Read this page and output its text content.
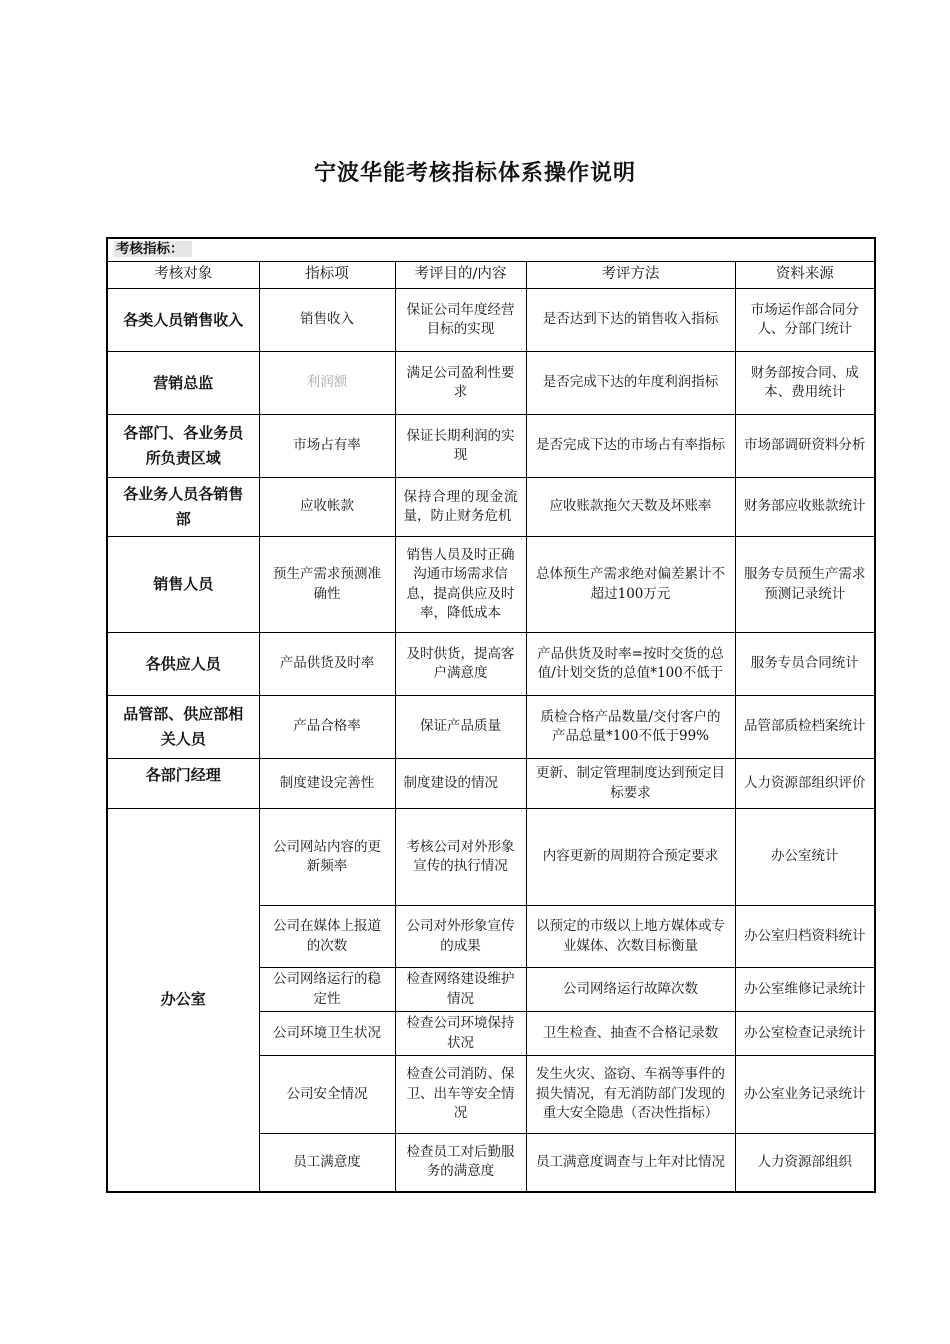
宁波华能考核指标体系操作说明
考核指标：				
考核对象	指标项	考评目的/内容	考评方法	资料来源
各类人员销售收入	销售收入	保证公司年度经营目标的实现	是否达到下达的销售收入指标	市场运作部合同分人、分部门统计
营销总监	利润额	满足公司盈利性要求	是否完成下达的年度利润指标	财务部按合同、成本、费用统计
各部门、各业务员所负责区域	市场占有率	保证长期利润的实现	是否完成下达的市场占有率指标	市场部调研资料分析
各业务人员各销售部	应收帐款	保持合理的现金流量，防止财务危机	应收账款拖欠天数及坏账率	财务部应收账款统计
销售人员	预生产需求预测准确性	销售人员及时正确沟通市场需求信息，提高供应及时率，降低成本	总体预生产需求绝对偏差累计不超过100万元	服务专员预生产需求预测记录统计
各供应人员	产品供货及时率	及时供货，提高客户满意度	产品供货及时率=按时交货的总值/计划交货的总值*100不低于	服务专员合同统计
品管部、供应部相关人员	产品合格率	保证产品质量	质检合格产品数量/交付客户的产品总量*100不低于99%	品管部质检档案统计
各部门经理	制度建设完善性	制度建设的情况	更新、制定管理制度达到预定目标要求	人力资源部组织评价
办公室	公司网站内容的更新频率	考核公司对外形象宣传的执行情况	内容更新的周期符合预定要求	办公室统计
	公司在媒体上报道的次数	公司对外形象宣传的成果	以预定的市级以上地方媒体或专业媒体、次数目标衡量	办公室归档资料统计
	公司网络运行的稳定性	检查网络建设维护情况	公司网络运行故障次数	办公室维修记录统计
	公司环境卫生状况	检查公司环境保持状况	卫生检查、抽查不合格记录数	办公室检查记录统计
	公司安全情况	检查公司消防、保卫、出车等安全情况	发生火灾、盗窃、车祸等事件的损失情况，有无消防部门发现的重大安全隐患（否决性指标）	办公室业务记录统计
	员工满意度	检查员工对后勤服务的满意度	员工满意度调查与上年对比情况	人力资源部组织
